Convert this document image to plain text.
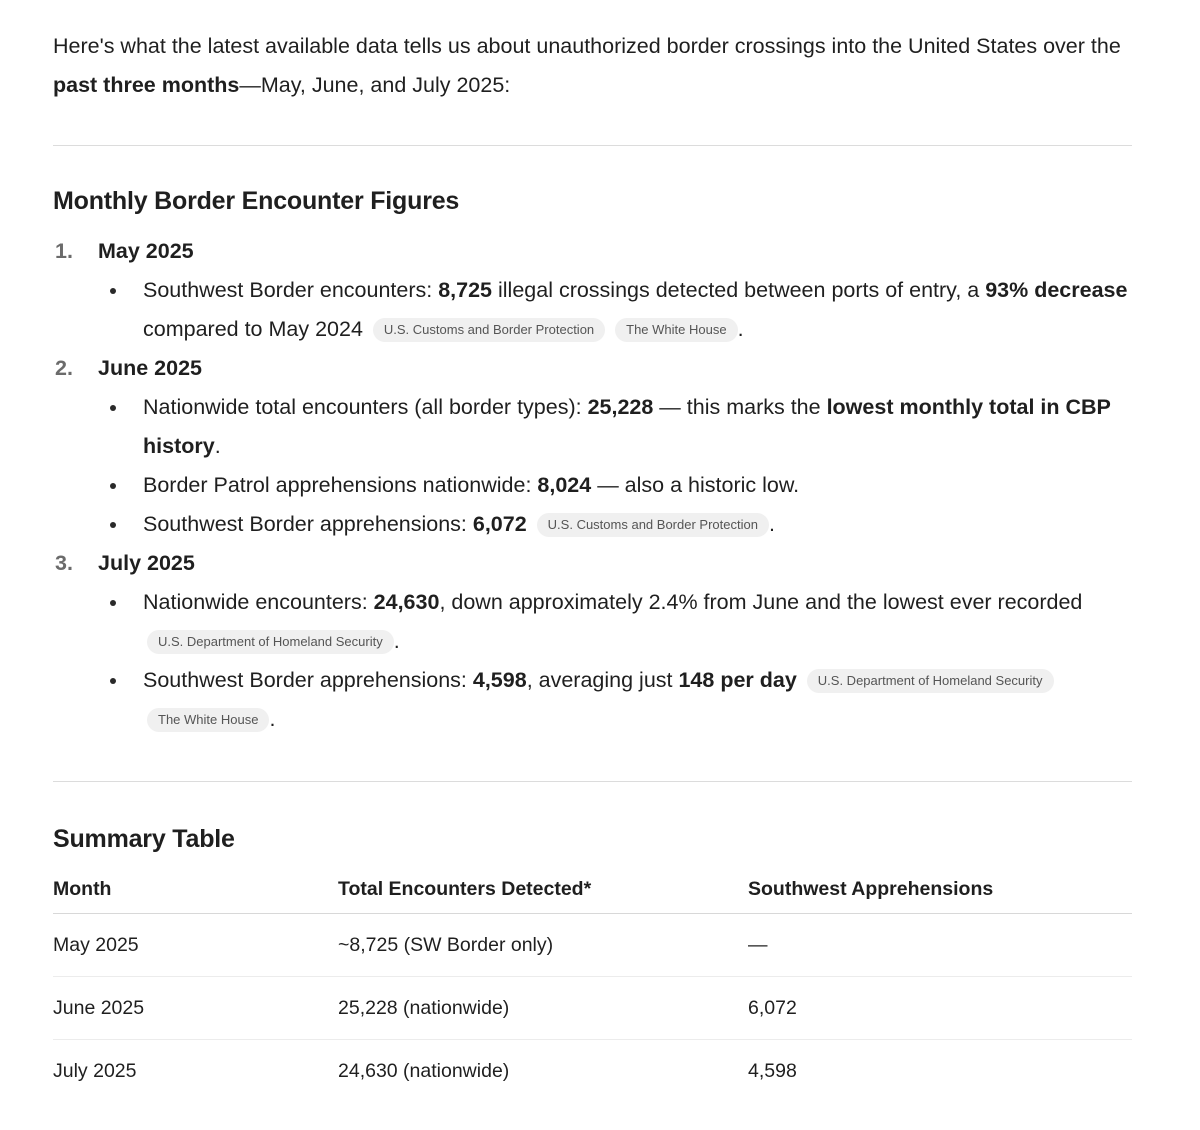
Here's what the latest available data tells us about unauthorized border crossings into the United States over the past three months—May, June, and July 2025:

Monthly Border Encounter Figures
1. May 2025
Southwest Border encounters: 8,725 illegal crossings detected between ports of entry, a 93% decrease compared to May 2024 U.S. Customs and Border Protection The White House .
2. June 2025
Nationwide total encounters (all border types): 25,228 — this marks the lowest monthly total in CBP history.
Border Patrol apprehensions nationwide: 8,024 — also a historic low.
Southwest Border apprehensions: 6,072 U.S. Customs and Border Protection .
3. July 2025
Nationwide encounters: 24,630, down approximately 2.4% from June and the lowest ever recorded U.S. Department of Homeland Security .
Southwest Border apprehensions: 4,598, averaging just 148 per day U.S. Department of Homeland Security The White House .
Summary Table
Month	Total Encounters Detected*	Southwest Apprehensions
May 2025	~8,725 (SW Border only)	—
June 2025	25,228 (nationwide)	6,072
July 2025	24,630 (nationwide)	4,598
